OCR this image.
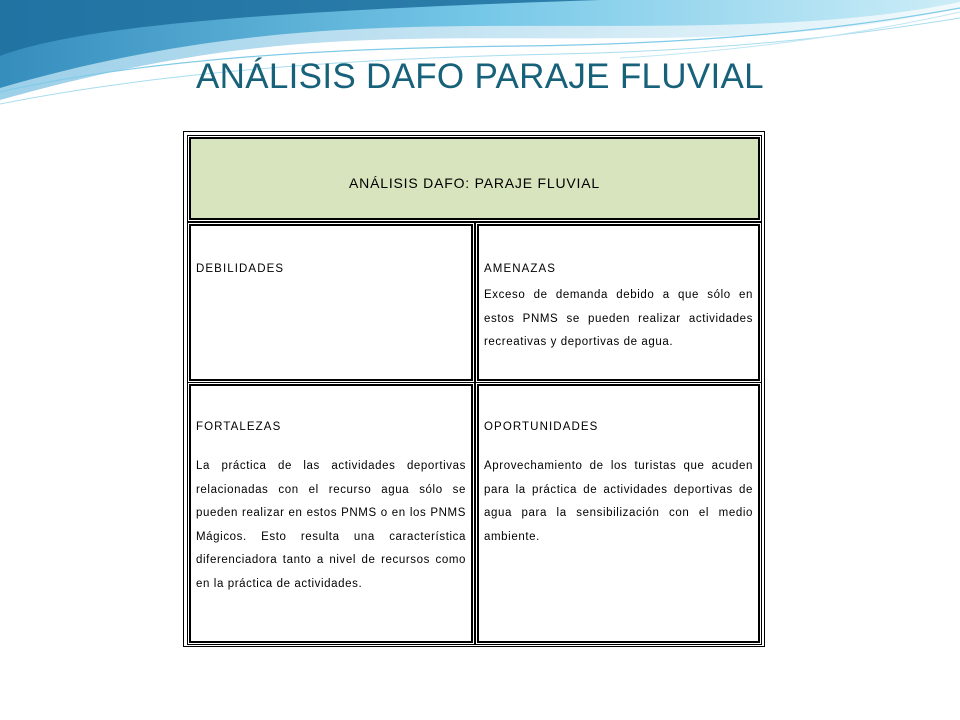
ANÁLISIS DAFO PARAJE FLUVIAL
ANÁLISIS DAFO: PARAJE FLUVIAL
DEBILIDADES	AMENAZAS
Exceso de demanda debido a que sólo en estos PNMS se pueden realizar actividades recreativas y deportivas de agua.
FORTALEZAS
La práctica de las actividades deportivas relacionadas con el recurso agua sólo se pueden realizar en estos PNMS o en los PNMS Mágicos. Esto resulta una característica diferenciadora tanto a nivel de recursos como en la práctica de actividades.
OPORTUNIDADES
Aprovechamiento de los turistas que acuden para la práctica de actividades deportivas de agua para la sensibilización con el medio ambiente.
